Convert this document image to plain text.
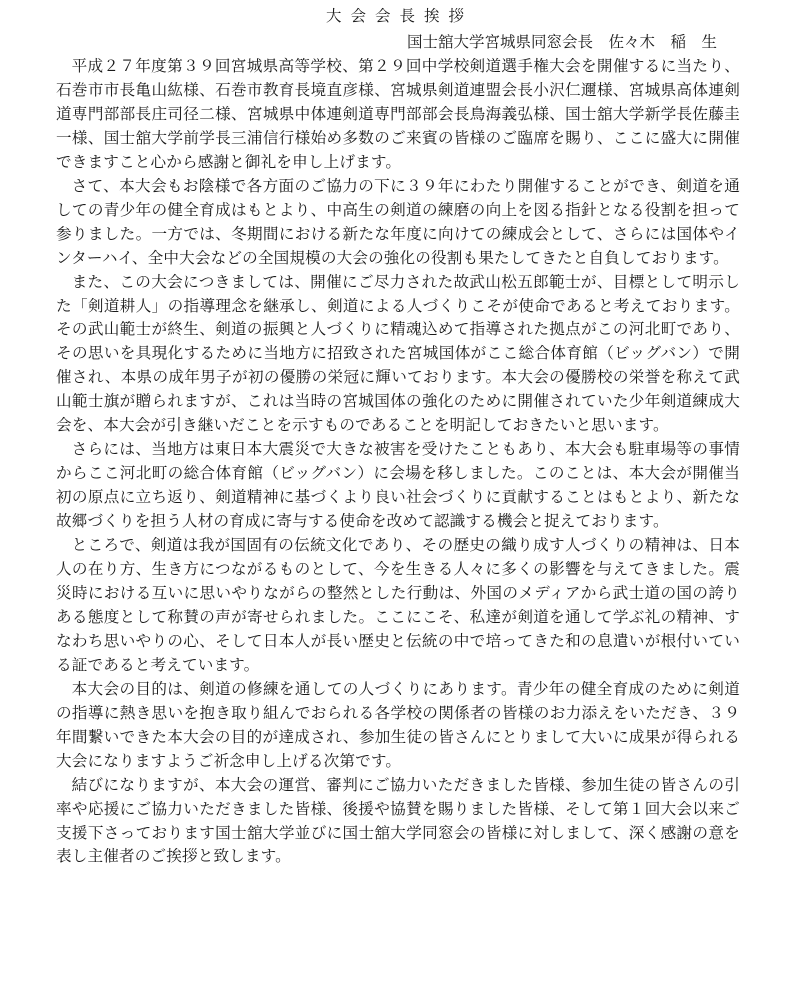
大会会長挨拶
国士舘大学宮城県同窓会長　佐々木　稲　生

平成２７年度第３９回宮城県高等学校、第２９回中学校剣道選手権大会を開催するに当たり、石巻市市長亀山紘様、石巻市教育長境直彦様、宮城県剣道連盟会長小沢仁邇様、宮城県高体連剣道専門部部長庄司径二様、宮城県中体連剣道専門部部会長鳥海義弘様、国士舘大学新学長佐藤圭一様、国士舘大学前学長三浦信行様始め多数のご来賓の皆様のご臨席を賜り、ここに盛大に開催できますこと心から感謝と御礼を申し上げます。

さて、本大会もお陰様で各方面のご協力の下に３９年にわたり開催することができ、剣道を通しての青少年の健全育成はもとより、中高生の剣道の練磨の向上を図る指針となる役割を担って参りました。一方では、冬期間における新たな年度に向けての練成会として、さらには国体やインターハイ、全中大会などの全国規模の大会の強化の役割も果たしてきたと自負しております。

また、この大会につきましては、開催にご尽力された故武山松五郎範士が、目標として明示した「剣道耕人」の指導理念を継承し、剣道による人づくりこそが使命であると考えております。その武山範士が終生、剣道の振興と人づくりに精魂込めて指導された拠点がこの河北町であり、その思いを具現化するために当地方に招致された宮城国体がここ総合体育館（ビッグバン）で開催され、本県の成年男子が初の優勝の栄冠に輝いております。本大会の優勝校の栄誉を称えて武山範士旗が贈られますが、これは当時の宮城国体の強化のために開催されていた少年剣道練成大会を、本大会が引き継いだことを示すものであることを明記しておきたいと思います。

さらには、当地方は東日本大震災で大きな被害を受けたこともあり、本大会も駐車場等の事情からここ河北町の総合体育館（ビッグバン）に会場を移しました。このことは、本大会が開催当初の原点に立ち返り、剣道精神に基づくより良い社会づくりに貢献することはもとより、新たな故郷づくりを担う人材の育成に寄与する使命を改めて認識する機会と捉えております。

ところで、剣道は我が国固有の伝統文化であり、その歴史の織り成す人づくりの精神は、日本人の在り方、生き方につながるものとして、今を生きる人々に多くの影響を与えてきました。震災時における互いに思いやりながらの整然とした行動は、外国のメディアから武士道の国の誇りある態度として称賛の声が寄せられました。ここにこそ、私達が剣道を通して学ぶ礼の精神、すなわち思いやりの心、そして日本人が長い歴史と伝統の中で培ってきた和の息遣いが根付いている証であると考えています。

本大会の目的は、剣道の修練を通しての人づくりにあります。青少年の健全育成のために剣道の指導に熱き思いを抱き取り組んでおられる各学校の関係者の皆様のお力添えをいただき、３９年間繋いできた本大会の目的が達成され、参加生徒の皆さんにとりまして大いに成果が得られる大会になりますようご祈念申し上げる次第です。

結びになりますが、本大会の運営、審判にご協力いただきました皆様、参加生徒の皆さんの引率や応援にご協力いただきました皆様、後援や協賛を賜りました皆様、そして第１回大会以来ご支援下さっております国士舘大学並びに国士舘大学同窓会の皆様に対しまして、深く感謝の意を表し主催者のご挨拶と致します。
